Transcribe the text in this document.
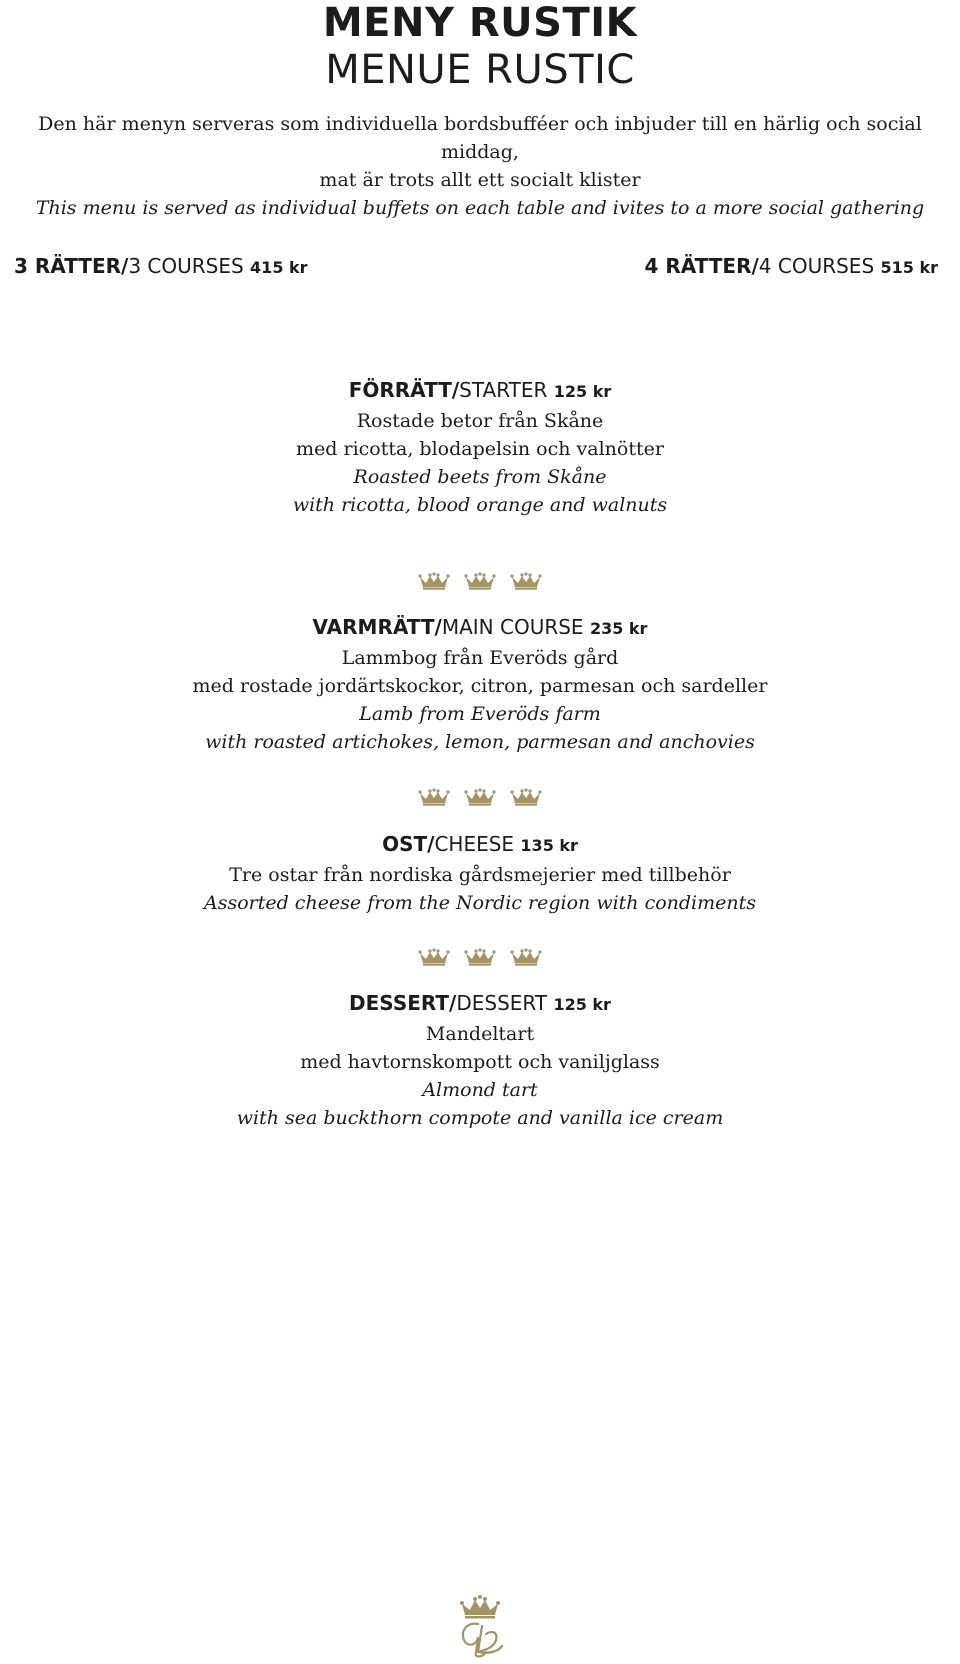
MENY RUSTIK
MENUE RUSTIC

Den här menyn serveras som individuella bordsbufféer och inbjuder till en härlig och social middag,

mat är trots allt ett socialt klister

This menu is served as individual buffets on each table and ivites to a more social gathering

3 RÄTTER/3 COURSES 415 kr	4 RÄTTER/4 COURSES 515 kr

FÖRRÄTT/STARTER 125 kr

Rostade betor från Skåne

med ricotta, blodapelsin och valnötter

Roasted beets from Skåne

with ricotta, blood orange and walnuts

VARMRÄTT/MAIN COURSE 235 kr

Lammbog från Everöds gård

med rostade jordärtskockor, citron, parmesan och sardeller

Lamb from Everöds farm

with roasted artichokes, lemon, parmesan and anchovies

OST/CHEESE 135 kr

Tre ostar från nordiska gårdsmejerier med tillbehör

Assorted cheese from the Nordic region with condiments

DESSERT/DESSERT 125 kr

Mandeltart

med havtornskompott och vaniljglass

Almond tart

with sea buckthorn compote and vanilla ice cream
